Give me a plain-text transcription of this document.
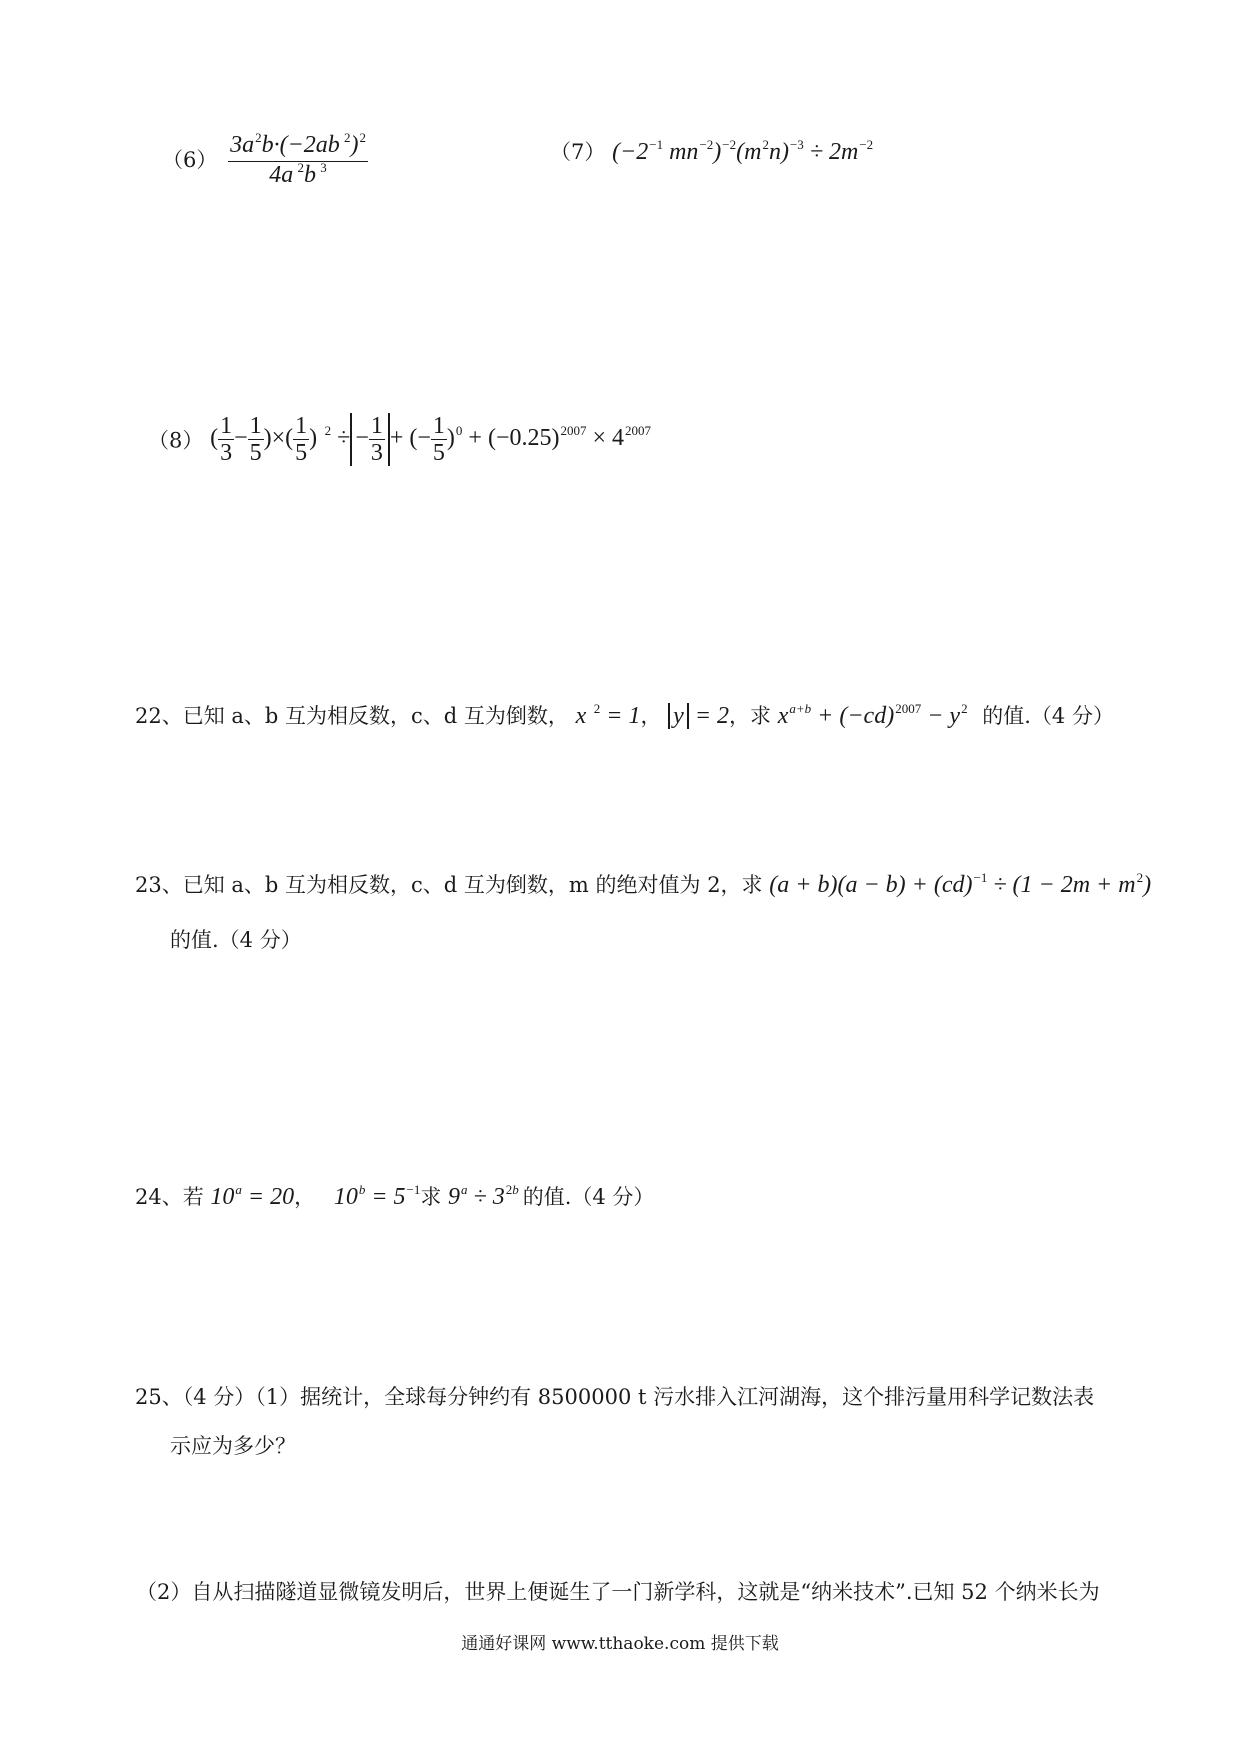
$(6) \frac{3a^2b\cdot(-2ab ^2)^2}{4a ^2b ^3}$	（7） ($-2^{-1}$ $mn^{-2})^{-2}(m^2n)^{-3} \div 2m^{-2}$
（8） ( $\frac{1}{3} - \frac{1}{5}$ )×( $\frac{1}{5}$ )  $^2$ ÷ − $\frac{1}{3}$ + (− $\frac{1}{5} )^0 + (-0.25)^{2007} \times 4^{2007}$
22、已知 a、b 互为相反数，c、d 互为倒数， x  $^2$ = 1， y = 2，求 $x^{a+b} + (-cd)^{2007} - y^2$ 的值.（4 分）
23、已知 a、b 互为相反数，c、d 互为倒数，m 的绝对值为 2，求 $(a + b)(a - b) + (cd)^{-1} \div (1 - 2m + m^2)$
的值.（4 分）
24、若 $10^a = 20$， $10^b = 5^{-1}$求 $9^a \div 3^{2b}$ 的值.（4 分）
25、（4 分）（1）据统计，全球每分钟约有 8500000 t 污水排入江河湖海，这个排污量用科学记数法表
示应为多少？
（2）自从扫描隧道显微镜发明后，世界上便诞生了一门新学科，这就是“纳米技术”.已知 52 个纳米长为
通通好课网 www.tthaoke.com 提供下载
